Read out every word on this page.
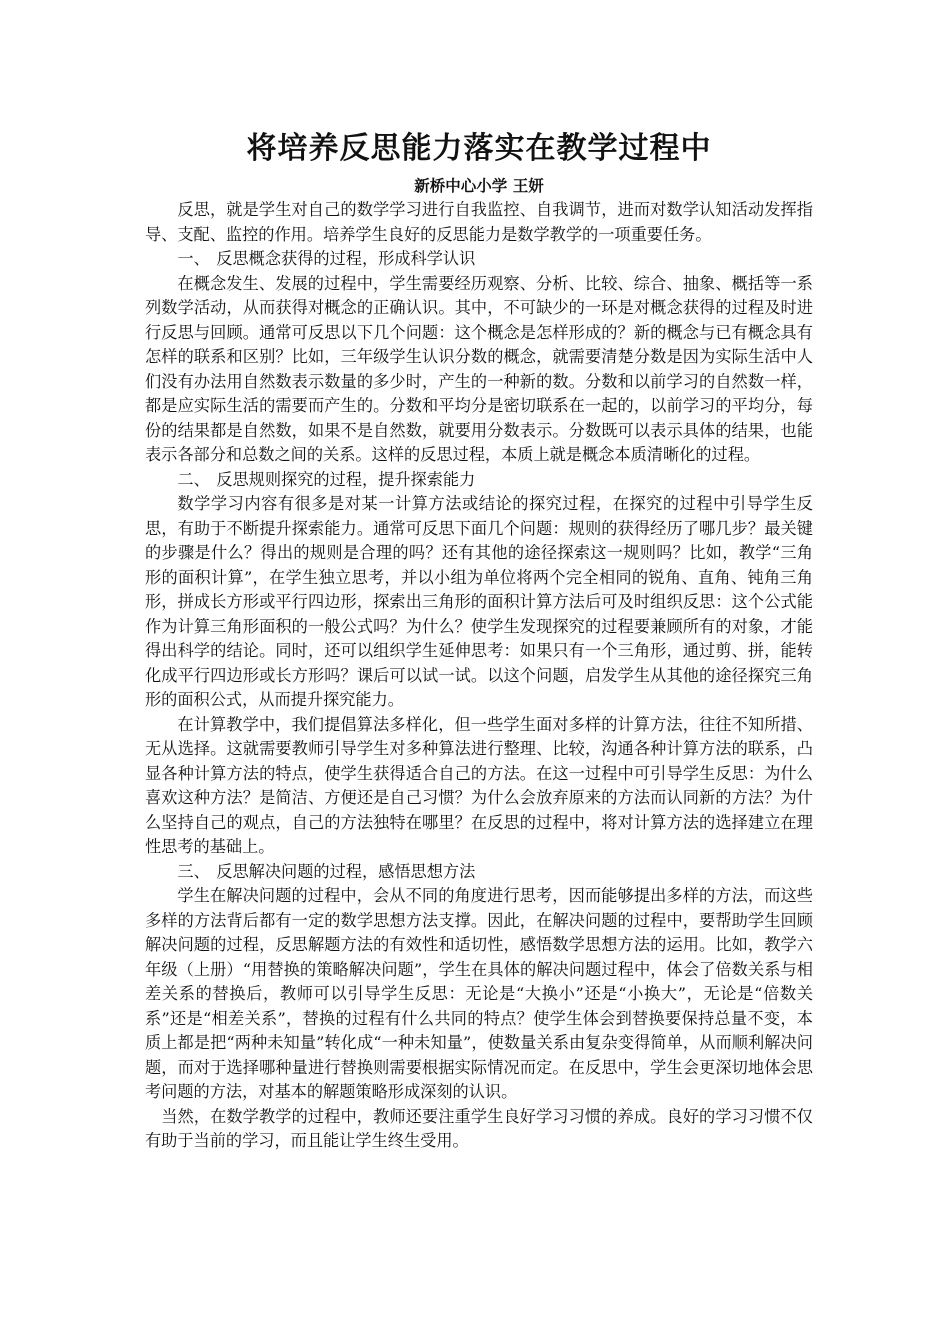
将培养反思能力落实在教学过程中

新桥中心小学 王妍

反思，就是学生对自己的数学学习进行自我监控、自我调节，进而对数学认知活动发挥指导、支配、监控的作用。培养学生良好的反思能力是数学教学的一项重要任务。

一、 反思概念获得的过程，形成科学认识

在概念发生、发展的过程中，学生需要经历观察、分析、比较、综合、抽象、概括等一系列数学活动，从而获得对概念的正确认识。其中，不可缺少的一环是对概念获得的过程及时进行反思与回顾。通常可反思以下几个问题：这个概念是怎样形成的？新的概念与已有概念具有怎样的联系和区别？比如，三年级学生认识分数的概念，就需要清楚分数是因为实际生活中人们没有办法用自然数表示数量的多少时，产生的一种新的数。分数和以前学习的自然数一样，都是应实际生活的需要而产生的。分数和平均分是密切联系在一起的，以前学习的平均分，每份的结果都是自然数，如果不是自然数，就要用分数表示。分数既可以表示具体的结果，也能表示各部分和总数之间的关系。这样的反思过程，本质上就是概念本质清晰化的过程。

二、 反思规则探究的过程，提升探索能力

数学学习内容有很多是对某一计算方法或结论的探究过程，在探究的过程中引导学生反思，有助于不断提升探索能力。通常可反思下面几个问题：规则的获得经历了哪几步？最关键的步骤是什么？得出的规则是合理的吗？还有其他的途径探索这一规则吗？比如，教学“三角形的面积计算”，在学生独立思考，并以小组为单位将两个完全相同的锐角、直角、钝角三角形，拼成长方形或平行四边形，探索出三角形的面积计算方法后可及时组织反思：这个公式能作为计算三角形面积的一般公式吗？为什么？使学生发现探究的过程要兼顾所有的对象，才能得出科学的结论。同时，还可以组织学生延伸思考：如果只有一个三角形，通过剪、拼，能转化成平行四边形或长方形吗？课后可以试一试。以这个问题，启发学生从其他的途径探究三角形的面积公式，从而提升探究能力。

在计算教学中，我们提倡算法多样化，但一些学生面对多样的计算方法，往往不知所措、无从选择。这就需要教师引导学生对多种算法进行整理、比较，沟通各种计算方法的联系，凸显各种计算方法的特点，使学生获得适合自己的方法。在这一过程中可引导学生反思：为什么喜欢这种方法？是简洁、方便还是自己习惯？为什么会放弃原来的方法而认同新的方法？为什么坚持自己的观点，自己的方法独特在哪里？在反思的过程中，将对计算方法的选择建立在理性思考的基础上。

三、 反思解决问题的过程，感悟思想方法

学生在解决问题的过程中，会从不同的角度进行思考，因而能够提出多样的方法，而这些多样的方法背后都有一定的数学思想方法支撑。因此，在解决问题的过程中，要帮助学生回顾解决问题的过程，反思解题方法的有效性和适切性，感悟数学思想方法的运用。比如，教学六年级（上册）“用替换的策略解决问题”，学生在具体的解决问题过程中，体会了倍数关系与相差关系的替换后，教师可以引导学生反思：无论是“大换小”还是“小换大”，无论是“倍数关系”还是“相差关系”，替换的过程有什么共同的特点？使学生体会到替换要保持总量不变，本质上都是把“两种未知量”转化成“一种未知量”，使数量关系由复杂变得简单，从而顺利解决问题，而对于选择哪种量进行替换则需要根据实际情况而定。在反思中，学生会更深切地体会思考问题的方法，对基本的解题策略形成深刻的认识。

当然，在数学教学的过程中，教师还要注重学生良好学习习惯的养成。良好的学习习惯不仅有助于当前的学习，而且能让学生终生受用。
